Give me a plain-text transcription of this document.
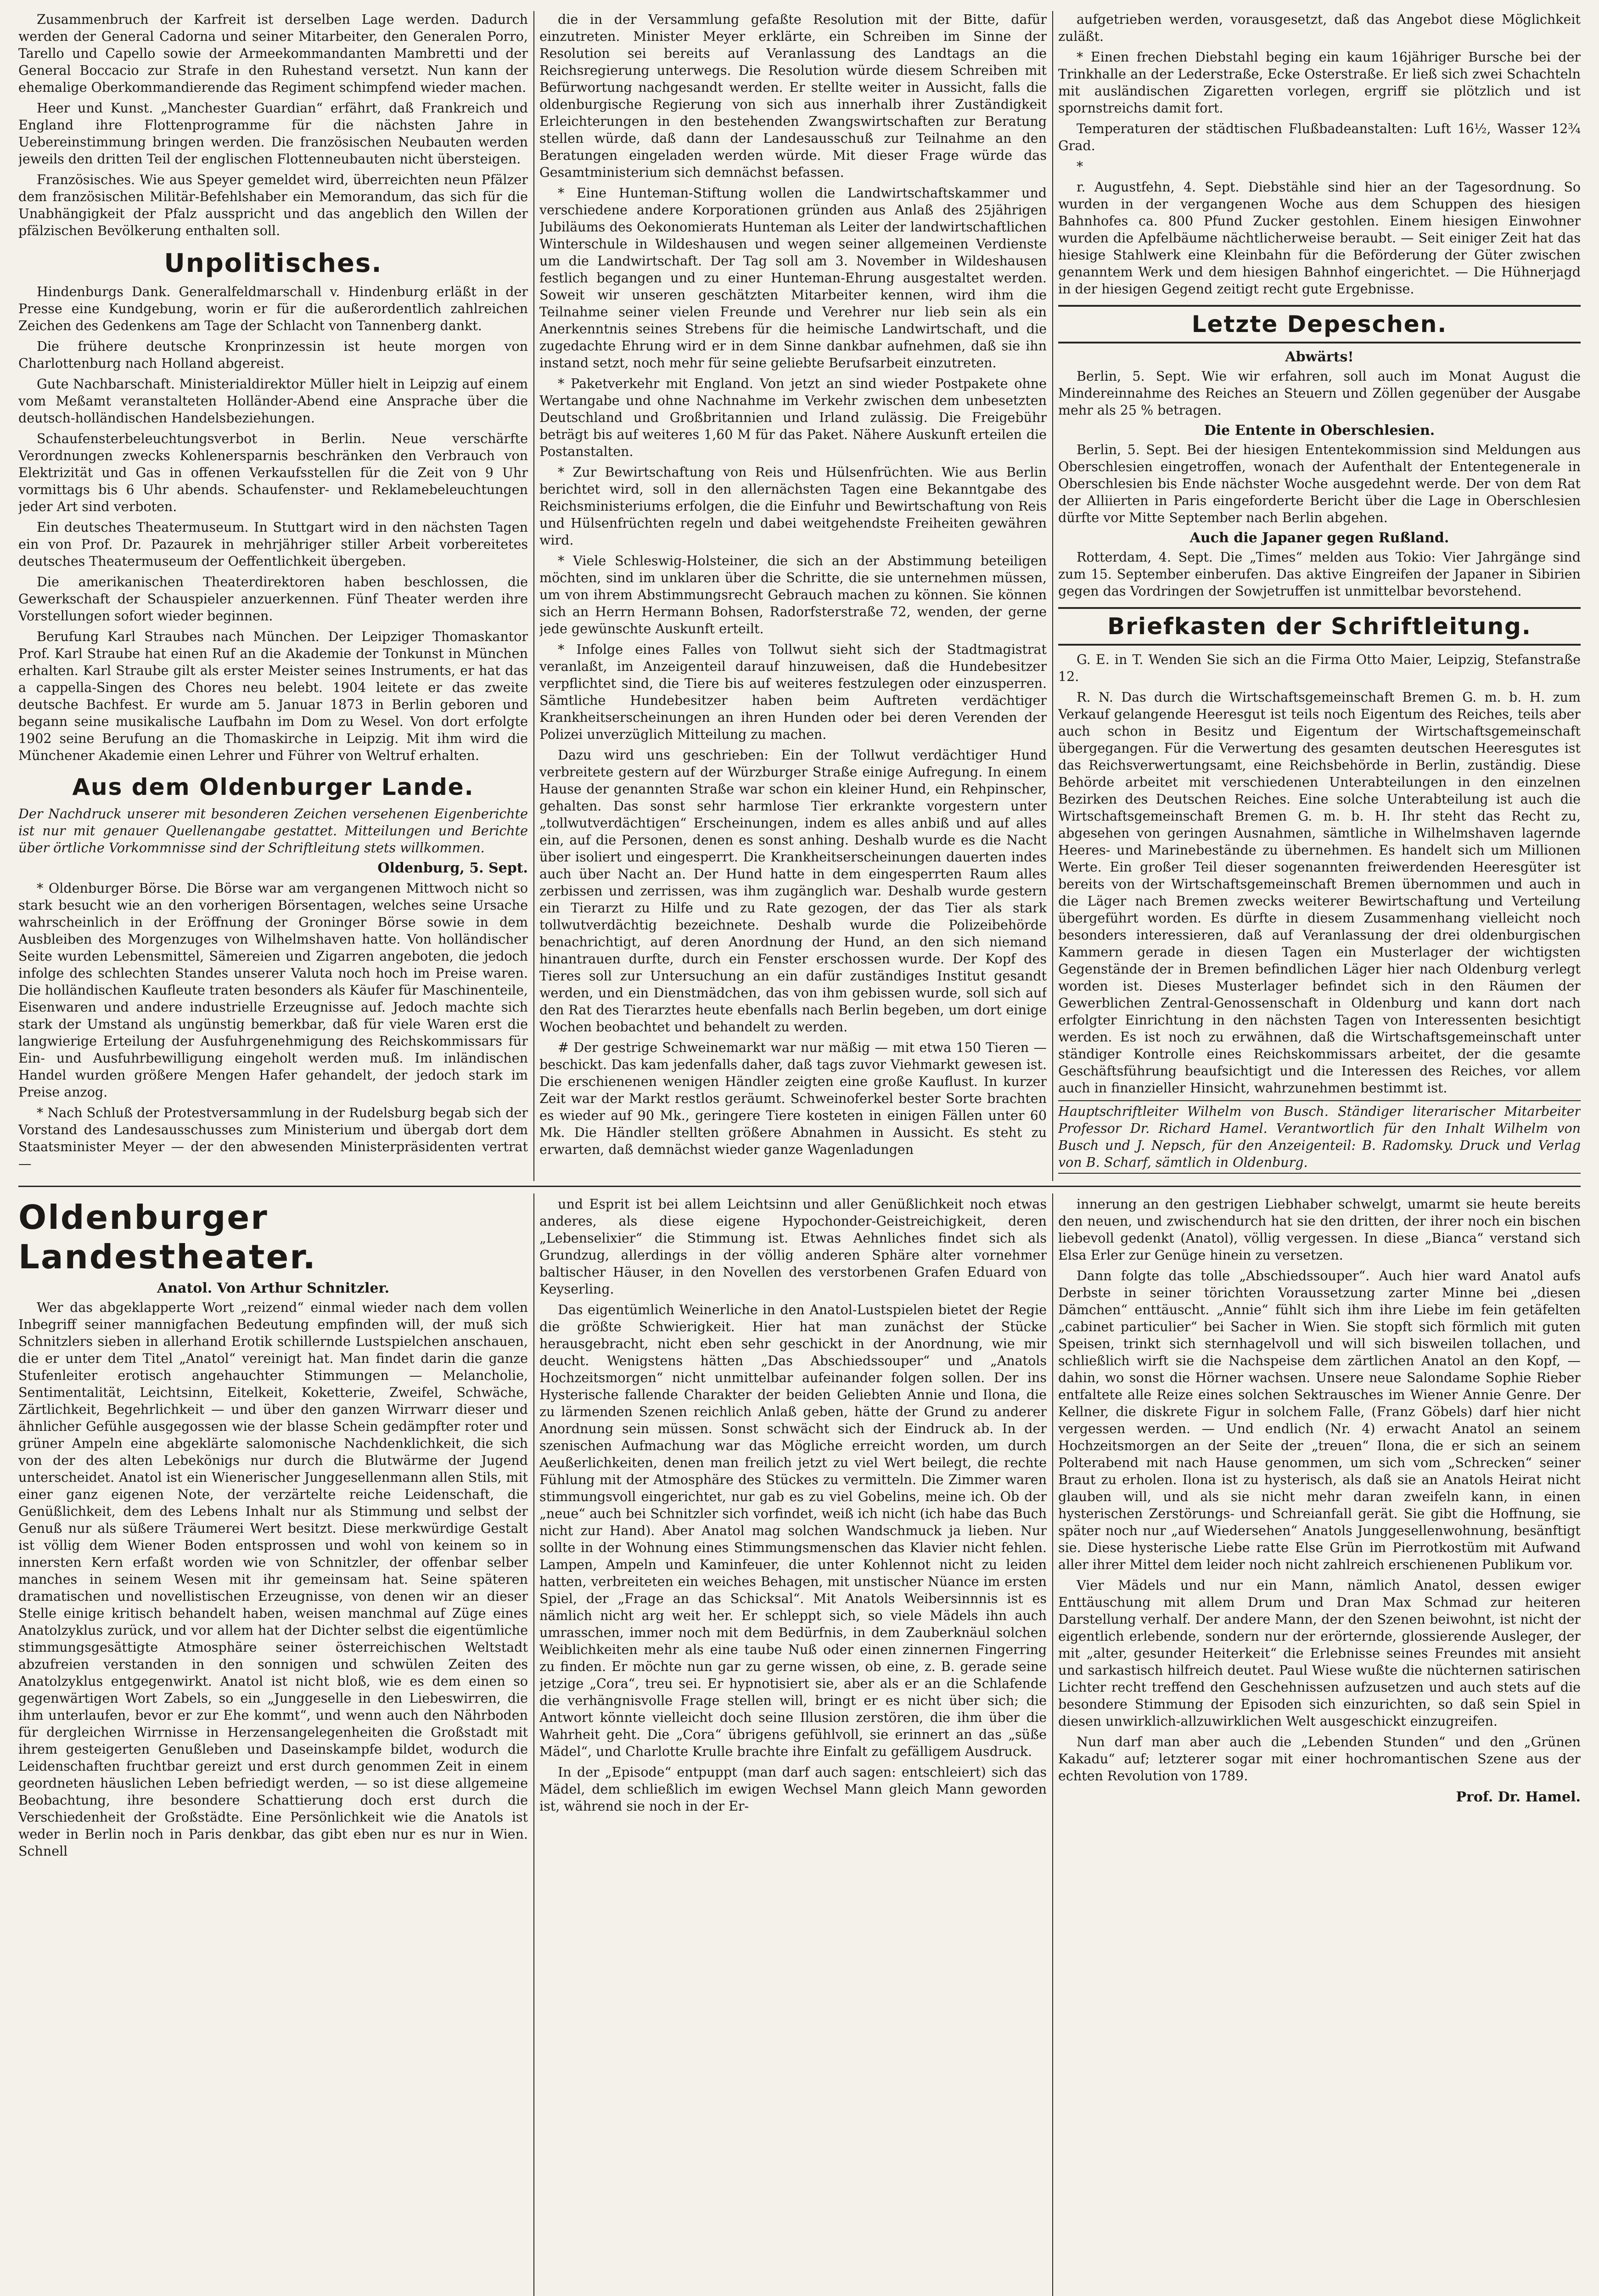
Zusammenbruch der Karfreit ist derselben Lage werden. Dadurch werden der General Cadorna und seiner Mitarbeiter, den Generalen Porro, Tarello und Capello sowie der Armeekommandanten Mambretti und der General Boccacio zur Strafe in den Ruhestand versetzt. Nun kann der ehemalige Oberkommandierende das Regiment schimpfend wieder machen.

Heer und Kunst. „Manchester Guardian“ erfährt, daß Frankreich und England ihre Flottenprogramme für die nächsten Jahre in Uebereinstimmung bringen werden. Die französischen Neubauten werden jeweils den dritten Teil der englischen Flottenneubauten nicht übersteigen.

Französisches. Wie aus Speyer gemeldet wird, überreichten neun Pfälzer dem französischen Militär-Befehlshaber ein Memorandum, das sich für die Unabhängigkeit der Pfalz ausspricht und das angeblich den Willen der pfälzischen Bevölkerung enthalten soll.

Unpolitisches.

Hindenburgs Dank. Generalfeldmarschall v. Hindenburg erläßt in der Presse eine Kundgebung, worin er für die außerordentlich zahlreichen Zeichen des Gedenkens am Tage der Schlacht von Tannenberg dankt.

Die frühere deutsche Kronprinzessin ist heute morgen von Charlottenburg nach Holland abgereist.

Gute Nachbarschaft. Ministerialdirektor Müller hielt in Leipzig auf einem vom Meßamt veranstalteten Holländer-Abend eine Ansprache über die deutsch-holländischen Handelsbeziehungen.

Schaufensterbeleuchtungsverbot in Berlin. Neue verschärfte Verordnungen zwecks Kohlenersparnis beschränken den Verbrauch von Elektrizität und Gas in offenen Verkaufsstellen für die Zeit von 9 Uhr vormittags bis 6 Uhr abends. Schaufenster- und Reklamebeleuchtungen jeder Art sind verboten.

Ein deutsches Theatermuseum. In Stuttgart wird in den nächsten Tagen ein von Prof. Dr. Pazaurek in mehrjähriger stiller Arbeit vorbereitetes deutsches Theatermuseum der Oeffentlichkeit übergeben.

Die amerikanischen Theaterdirektoren haben beschlossen, die Gewerkschaft der Schauspieler anzuerkennen. Fünf Theater werden ihre Vorstellungen sofort wieder beginnen.

Berufung Karl Straubes nach München. Der Leipziger Thomaskantor Prof. Karl Straube hat einen Ruf an die Akademie der Tonkunst in München erhalten. Karl Straube gilt als erster Meister seines Instruments, er hat das a cappella-Singen des Chores neu belebt. 1904 leitete er das zweite deutsche Bachfest. Er wurde am 5. Januar 1873 in Berlin geboren und begann seine musikalische Laufbahn im Dom zu Wesel. Von dort erfolgte 1902 seine Berufung an die Thomaskirche in Leipzig. Mit ihm wird die Münchener Akademie einen Lehrer und Führer von Weltruf erhalten.

Aus dem Oldenburger Lande.

Der Nachdruck unserer mit besonderen Zeichen versehenen Eigenberichte ist nur mit genauer Quellenangabe gestattet. Mitteilungen und Berichte über örtliche Vorkommnisse sind der Schriftleitung stets willkommen.

Oldenburg, 5. Sept.

* Oldenburger Börse. Die Börse war am vergangenen Mittwoch nicht so stark besucht wie an den vorherigen Börsentagen, welches seine Ursache wahrscheinlich in der Eröffnung der Groninger Börse sowie in dem Ausbleiben des Morgenzuges von Wilhelmshaven hatte. Von holländischer Seite wurden Lebensmittel, Sämereien und Zigarren angeboten, die jedoch infolge des schlechten Standes unserer Valuta noch hoch im Preise waren. Die holländischen Kaufleute traten besonders als Käufer für Maschinenteile, Eisenwaren und andere industrielle Erzeugnisse auf. Jedoch machte sich stark der Umstand als ungünstig bemerkbar, daß für viele Waren erst die langwierige Erteilung der Ausfuhrgenehmigung des Reichskommissars für Ein- und Ausfuhrbewilligung eingeholt werden muß. Im inländischen Handel wurden größere Mengen Hafer gehandelt, der jedoch stark im Preise anzog.

* Nach Schluß der Protestversammlung in der Rudelsburg begab sich der Vorstand des Landesausschusses zum Ministerium und übergab dort dem Staatsminister Meyer — der den abwesenden Ministerpräsidenten vertrat —

die in der Versammlung gefaßte Resolution mit der Bitte, dafür einzutreten. Minister Meyer erklärte, ein Schreiben im Sinne der Resolution sei bereits auf Veranlassung des Landtags an die Reichsregierung unterwegs. Die Resolution würde diesem Schreiben mit Befürwortung nachgesandt werden. Er stellte weiter in Aussicht, falls die oldenburgische Regierung von sich aus innerhalb ihrer Zuständigkeit Erleichterungen in den bestehenden Zwangswirtschaften zur Beratung stellen würde, daß dann der Landesausschuß zur Teilnahme an den Beratungen eingeladen werden würde. Mit dieser Frage würde das Gesamtministerium sich demnächst befassen.

* Eine Hunteman-Stiftung wollen die Landwirtschaftskammer und verschiedene andere Korporationen gründen aus Anlaß des 25jährigen Jubiläums des Oekonomierats Hunteman als Leiter der landwirtschaftlichen Winterschule in Wildeshausen und wegen seiner allgemeinen Verdienste um die Landwirtschaft. Der Tag soll am 3. November in Wildeshausen festlich begangen und zu einer Hunteman-Ehrung ausgestaltet werden. Soweit wir unseren geschätzten Mitarbeiter kennen, wird ihm die Teilnahme seiner vielen Freunde und Verehrer nur lieb sein als ein Anerkenntnis seines Strebens für die heimische Landwirtschaft, und die zugedachte Ehrung wird er in dem Sinne dankbar aufnehmen, daß sie ihn instand setzt, noch mehr für seine geliebte Berufsarbeit einzutreten.

* Paketverkehr mit England. Von jetzt an sind wieder Postpakete ohne Wertangabe und ohne Nachnahme im Verkehr zwischen dem unbesetzten Deutschland und Großbritannien und Irland zulässig. Die Freigebühr beträgt bis auf weiteres 1,60 M für das Paket. Nähere Auskunft erteilen die Postanstalten.

* Zur Bewirtschaftung von Reis und Hülsenfrüchten. Wie aus Berlin berichtet wird, soll in den allernächsten Tagen eine Bekanntgabe des Reichsministeriums erfolgen, die die Einfuhr und Bewirtschaftung von Reis und Hülsenfrüchten regeln und dabei weitgehendste Freiheiten gewähren wird.

* Viele Schleswig-Holsteiner, die sich an der Abstimmung beteiligen möchten, sind im unklaren über die Schritte, die sie unternehmen müssen, um von ihrem Abstimmungsrecht Gebrauch machen zu können. Sie können sich an Herrn Hermann Bohsen, Radorfsterstraße 72, wenden, der gerne jede gewünschte Auskunft erteilt.

* Infolge eines Falles von Tollwut sieht sich der Stadtmagistrat veranlaßt, im Anzeigenteil darauf hinzuweisen, daß die Hundebesitzer verpflichtet sind, die Tiere bis auf weiteres festzulegen oder einzusperren. Sämtliche Hundebesitzer haben beim Auftreten verdächtiger Krankheitserscheinungen an ihren Hunden oder bei deren Verenden der Polizei unverzüglich Mitteilung zu machen.

Dazu wird uns geschrieben: Ein der Tollwut verdächtiger Hund verbreitete gestern auf der Würzburger Straße einige Aufregung. In einem Hause der genannten Straße war schon ein kleiner Hund, ein Rehpinscher, gehalten. Das sonst sehr harmlose Tier erkrankte vorgestern unter „tollwutverdächtigen“ Erscheinungen, indem es alles anbiß und auf alles ein, auf die Personen, denen es sonst anhing. Deshalb wurde es die Nacht über isoliert und eingesperrt. Die Krankheitserscheinungen dauerten indes auch über Nacht an. Der Hund hatte in dem eingesperrten Raum alles zerbissen und zerrissen, was ihm zugänglich war. Deshalb wurde gestern ein Tierarzt zu Hilfe und zu Rate gezogen, der das Tier als stark tollwutverdächtig bezeichnete. Deshalb wurde die Polizeibehörde benachrichtigt, auf deren Anordnung der Hund, an den sich niemand hinantrauen durfte, durch ein Fenster erschossen wurde. Der Kopf des Tieres soll zur Untersuchung an ein dafür zuständiges Institut gesandt werden, und ein Dienstmädchen, das von ihm gebissen wurde, soll sich auf den Rat des Tierarztes heute ebenfalls nach Berlin begeben, um dort einige Wochen beobachtet und behandelt zu werden.

# Der gestrige Schweinemarkt war nur mäßig — mit etwa 150 Tieren — beschickt. Das kam jedenfalls daher, daß tags zuvor Viehmarkt gewesen ist. Die erschienenen wenigen Händler zeigten eine große Kauflust. In kurzer Zeit war der Markt restlos geräumt. Schweinoferkel bester Sorte brachten es wieder auf 90 Mk., geringere Tiere kosteten in einigen Fällen unter 60 Mk. Die Händler stellten größere Abnahmen in Aussicht. Es steht zu erwarten, daß demnächst wieder ganze Wagenladungen

aufgetrieben werden, vorausgesetzt, daß das Angebot diese Möglichkeit zuläßt.

* Einen frechen Diebstahl beging ein kaum 16jähriger Bursche bei der Trinkhalle an der Lederstraße, Ecke Osterstraße. Er ließ sich zwei Schachteln mit ausländischen Zigaretten vorlegen, ergriff sie plötzlich und ist spornstreichs damit fort.

Temperaturen der städtischen Flußbadeanstalten: Luft 16½, Wasser 12¾ Grad.

*

r. Augustfehn, 4. Sept. Diebstähle sind hier an der Tagesordnung. So wurden in der vergangenen Woche aus dem Schuppen des hiesigen Bahnhofes ca. 800 Pfund Zucker gestohlen. Einem hiesigen Einwohner wurden die Apfelbäume nächtlicherweise beraubt. — Seit einiger Zeit hat das hiesige Stahlwerk eine Kleinbahn für die Beförderung der Güter zwischen genanntem Werk und dem hiesigen Bahnhof eingerichtet. — Die Hühnerjagd in der hiesigen Gegend zeitigt recht gute Ergebnisse.

Letzte Depeschen.
Abwärts!

Berlin, 5. Sept. Wie wir erfahren, soll auch im Monat August die Mindereinnahme des Reiches an Steuern und Zöllen gegenüber der Ausgabe mehr als 25 % betragen.

Die Entente in Oberschlesien.

Berlin, 5. Sept. Bei der hiesigen Ententekommission sind Meldungen aus Oberschlesien eingetroffen, wonach der Aufenthalt der Ententegenerale in Oberschlesien bis Ende nächster Woche ausgedehnt werde. Der von dem Rat der Alliierten in Paris eingeforderte Bericht über die Lage in Oberschlesien dürfte vor Mitte September nach Berlin abgehen.

Auch die Japaner gegen Rußland.

Rotterdam, 4. Sept. Die „Times“ melden aus Tokio: Vier Jahrgänge sind zum 15. September einberufen. Das aktive Eingreifen der Japaner in Sibirien gegen das Vordringen der Sowjetruffen ist unmittelbar bevorstehend.

Briefkasten der Schriftleitung.

G. E. in T. Wenden Sie sich an die Firma Otto Maier, Leipzig, Stefanstraße 12.

R. N. Das durch die Wirtschaftsgemeinschaft Bremen G. m. b. H. zum Verkauf gelangende Heeresgut ist teils noch Eigentum des Reiches, teils aber auch schon in Besitz und Eigentum der Wirtschaftsgemeinschaft übergegangen. Für die Verwertung des gesamten deutschen Heeresgutes ist das Reichsverwertungsamt, eine Reichsbehörde in Berlin, zuständig. Diese Behörde arbeitet mit verschiedenen Unterabteilungen in den einzelnen Bezirken des Deutschen Reiches. Eine solche Unterabteilung ist auch die Wirtschaftsgemeinschaft Bremen G. m. b. H. Ihr steht das Recht zu, abgesehen von geringen Ausnahmen, sämtliche in Wilhelmshaven lagernde Heeres- und Marinebestände zu übernehmen. Es handelt sich um Millionen Werte. Ein großer Teil dieser sogenannten freiwerdenden Heeresgüter ist bereits von der Wirtschaftsgemeinschaft Bremen übernommen und auch in die Läger nach Bremen zwecks weiterer Bewirtschaftung und Verteilung übergeführt worden. Es dürfte in diesem Zusammenhang vielleicht noch besonders interessieren, daß auf Veranlassung der drei oldenburgischen Kammern gerade in diesen Tagen ein Musterlager der wichtigsten Gegenstände der in Bremen befindlichen Läger hier nach Oldenburg verlegt worden ist. Dieses Musterlager befindet sich in den Räumen der Gewerblichen Zentral-Genossenschaft in Oldenburg und kann dort nach erfolgter Einrichtung in den nächsten Tagen von Interessenten besichtigt werden. Es ist noch zu erwähnen, daß die Wirtschaftsgemeinschaft unter ständiger Kontrolle eines Reichskommissars arbeitet, der die gesamte Geschäftsführung beaufsichtigt und die Interessen des Reiches, vor allem auch in finanzieller Hinsicht, wahrzunehmen bestimmt ist.

Hauptschriftleiter Wilhelm von Busch. Ständiger literarischer Mitarbeiter Professor Dr. Richard Hamel. Verantwortlich für den Inhalt Wilhelm von Busch und J. Nepsch, für den Anzeigenteil: B. Radomsky. Druck und Verlag von B. Scharf, sämtlich in Oldenburg.

Oldenburger Landestheater.
Anatol. Von Arthur Schnitzler.

Wer das abgeklapperte Wort „reizend“ einmal wieder nach dem vollen Inbegriff seiner mannigfachen Bedeutung empfinden will, der muß sich Schnitzlers sieben in allerhand Erotik schillernde Lustspielchen anschauen, die er unter dem Titel „Anatol“ vereinigt hat. Man findet darin die ganze Stufenleiter erotisch angehauchter Stimmungen — Melancholie, Sentimentalität, Leichtsinn, Eitelkeit, Koketterie, Zweifel, Schwäche, Zärtlichkeit, Begehrlichkeit — und über den ganzen Wirrwarr dieser und ähnlicher Gefühle ausgegossen wie der blasse Schein gedämpfter roter und grüner Ampeln eine abgeklärte salomonische Nachdenklichkeit, die sich von der des alten Lebekönigs nur durch die Blutwärme der Jugend unterscheidet. Anatol ist ein Wienerischer Junggesellenmann allen Stils, mit einer ganz eigenen Note, der verzärtelte reiche Leidenschaft, die Genüßlichkeit, dem des Lebens Inhalt nur als Stimmung und selbst der Genuß nur als süßere Träumerei Wert besitzt. Diese merkwürdige Gestalt ist völlig dem Wiener Boden entsprossen und wohl von keinem so in innersten Kern erfaßt worden wie von Schnitzler, der offenbar selber manches in seinem Wesen mit ihr gemeinsam hat. Seine späteren dramatischen und novellistischen Erzeugnisse, von denen wir an dieser Stelle einige kritisch behandelt haben, weisen manchmal auf Züge eines Anatolzyklus zurück, und vor allem hat der Dichter selbst die eigentümliche stimmungsgesättigte Atmosphäre seiner österreichischen Weltstadt abzufreien verstanden in den sonnigen und schwülen Zeiten des Anatolzyklus entgegenwirkt. Anatol ist nicht bloß, wie es dem einen so gegenwärtigen Wort Zabels, so ein „Junggeselle in den Liebeswirren, die ihm unterlaufen, bevor er zur Ehe kommt“, und wenn auch den Nährboden für dergleichen Wirrnisse in Herzensangelegenheiten die Großstadt mit ihrem gesteigerten Genußleben und Daseinskampfe bildet, wodurch die Leidenschaften fruchtbar gereizt und erst durch genommen Zeit in einem geordneten häuslichen Leben befriedigt werden, — so ist diese allgemeine Beobachtung, ihre besondere Schattierung doch erst durch die Verschiedenheit der Großstädte. Eine Persönlichkeit wie die Anatols ist weder in Berlin noch in Paris denkbar, das gibt eben nur es nur in Wien. Schnell

und Esprit ist bei allem Leichtsinn und aller Genüßlichkeit noch etwas anderes, als diese eigene Hypochonder-Geistreichigkeit, deren „Lebenselixier“ die Stimmung ist. Etwas Aehnliches findet sich als Grundzug, allerdings in der völlig anderen Sphäre alter vornehmer baltischer Häuser, in den Novellen des verstorbenen Grafen Eduard von Keyserling.

Das eigentümlich Weinerliche in den Anatol-Lustspielen bietet der Regie die größte Schwierigkeit. Hier hat man zunächst der Stücke herausgebracht, nicht eben sehr geschickt in der Anordnung, wie mir deucht. Wenigstens hätten „Das Abschiedssouper“ und „Anatols Hochzeitsmorgen“ nicht unmittelbar aufeinander folgen sollen. Der ins Hysterische fallende Charakter der beiden Geliebten Annie und Ilona, die zu lärmenden Szenen reichlich Anlaß geben, hätte der Grund zu anderer Anordnung sein müssen. Sonst schwächt sich der Eindruck ab. In der szenischen Aufmachung war das Mögliche erreicht worden, um durch Aeußerlichkeiten, denen man freilich jetzt zu viel Wert beilegt, die rechte Fühlung mit der Atmosphäre des Stückes zu vermitteln. Die Zimmer waren stimmungsvoll eingerichtet, nur gab es zu viel Gobelins, meine ich. Ob der „neue“ auch bei Schnitzler sich vorfindet, weiß ich nicht (ich habe das Buch nicht zur Hand). Aber Anatol mag solchen Wandschmuck ja lieben. Nur sollte in der Wohnung eines Stimmungsmenschen das Klavier nicht fehlen. Lampen, Ampeln und Kaminfeuer, die unter Kohlennot nicht zu leiden hatten, verbreiteten ein weiches Behagen, mit unstischer Nüance im ersten Spiel, der „Frage an das Schicksal“. Mit Anatols Weibersinnnis ist es nämlich nicht arg weit her. Er schleppt sich, so viele Mädels ihn auch umrasschen, immer noch mit dem Bedürfnis, in dem Zauberknäul solchen Weiblichkeiten mehr als eine taube Nuß oder einen zinnernen Fingerring zu finden. Er möchte nun gar zu gerne wissen, ob eine, z. B. gerade seine jetzige „Cora“, treu sei. Er hypnotisiert sie, aber als er an die Schlafende die verhängnisvolle Frage stellen will, bringt er es nicht über sich; die Antwort könnte vielleicht doch seine Illusion zerstören, die ihm über die Wahrheit geht. Die „Cora“ übrigens gefühlvoll, sie erinnert an das „süße Mädel“, und Charlotte Krulle brachte ihre Einfalt zu gefälligem Ausdruck.

In der „Episode“ entpuppt (man darf auch sagen: entschleiert) sich das Mädel, dem schließlich im ewigen Wechsel Mann gleich Mann geworden ist, während sie noch in der Er-

innerung an den gestrigen Liebhaber schwelgt, umarmt sie heute bereits den neuen, und zwischendurch hat sie den dritten, der ihrer noch ein bischen liebevoll gedenkt (Anatol), völlig vergessen. In diese „Bianca“ verstand sich Elsa Erler zur Genüge hinein zu versetzen.

Dann folgte das tolle „Abschiedssouper“. Auch hier ward Anatol aufs Derbste in seiner törichten Voraussetzung zarter Minne bei „diesen Dämchen“ enttäuscht. „Annie“ fühlt sich ihm ihre Liebe im fein getäfelten „cabinet particulier“ bei Sacher in Wien. Sie stopft sich förmlich mit guten Speisen, trinkt sich sternhagelvoll und will sich bisweilen tollachen, und schließlich wirft sie die Nachspeise dem zärtlichen Anatol an den Kopf, — dahin, wo sonst die Hörner wachsen. Unsere neue Salondame Sophie Rieber entfaltete alle Reize eines solchen Sektrausches im Wiener Annie Genre. Der Kellner, die diskrete Figur in solchem Falle, (Franz Göbels) darf hier nicht vergessen werden. — Und endlich (Nr. 4) erwacht Anatol an seinem Hochzeitsmorgen an der Seite der „treuen“ Ilona, die er sich an seinem Polterabend mit nach Hause genommen, um sich vom „Schrecken“ seiner Braut zu erholen. Ilona ist zu hysterisch, als daß sie an Anatols Heirat nicht glauben will, und als sie nicht mehr daran zweifeln kann, in einen hysterischen Zerstörungs- und Schreianfall gerät. Sie gibt die Hoffnung, sie später noch nur „auf Wiedersehen“ Anatols Junggesellenwohnung, besänftigt sie. Diese hysterische Liebe ratte Else Grün im Pierrotkostüm mit Aufwand aller ihrer Mittel dem leider noch nicht zahlreich erschienenen Publikum vor.

Vier Mädels und nur ein Mann, nämlich Anatol, dessen ewiger Enttäuschung mit allem Drum und Dran Max Schmad zur heiteren Darstellung verhalf. Der andere Mann, der den Szenen beiwohnt, ist nicht der eigentlich erlebende, sondern nur der erörternde, glossierende Ausleger, der mit „alter, gesunder Heiterkeit“ die Erlebnisse seines Freundes mit ansieht und sarkastisch hilfreich deutet. Paul Wiese wußte die nüchternen satirischen Lichter recht treffend den Geschehnissen aufzusetzen und auch stets auf die besondere Stimmung der Episoden sich einzurichten, so daß sein Spiel in diesen unwirklich-allzuwirklichen Welt ausgeschickt einzugreifen.

Nun darf man aber auch die „Lebenden Stunden“ und den „Grünen Kakadu“ auf; letzterer sogar mit einer hochromantischen Szene aus der echten Revolution von 1789.

Prof. Dr. Hamel.
